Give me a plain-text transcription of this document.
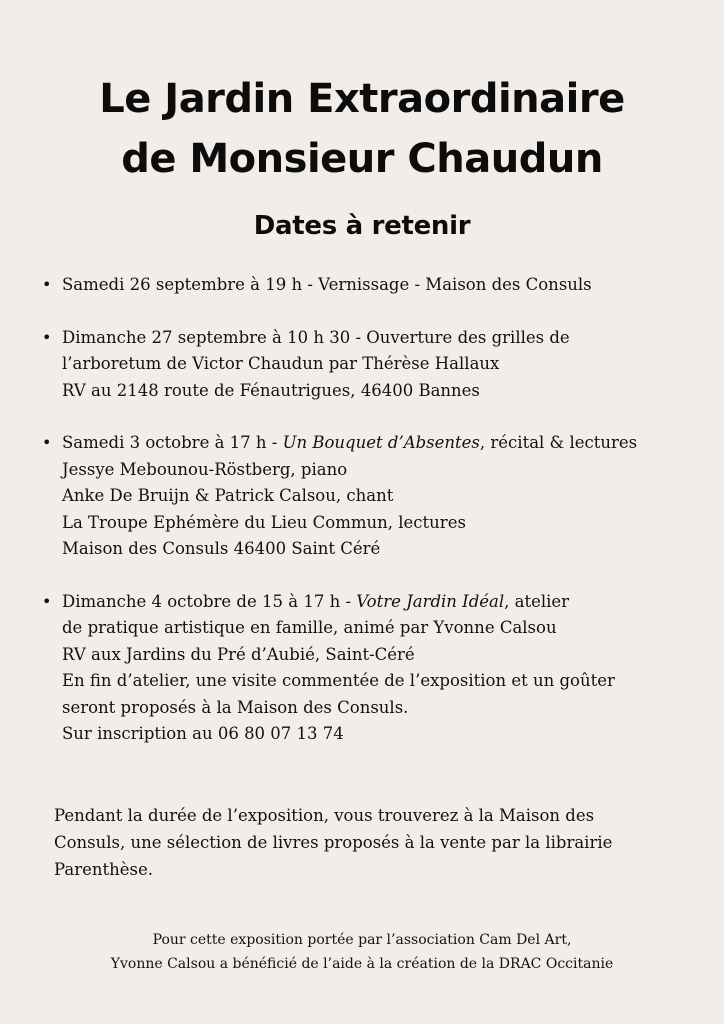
Le Jardin Extraordinaire
de Monsieur Chaudun
Dates à retenir
• Samedi 26 septembre à 19 h - Vernissage - Maison des Consuls
• Dimanche 27 septembre à 10 h 30 - Ouverture des grilles de
l’arboretum de Victor Chaudun par Thérèse Hallaux
RV au 2148 route de Fénautrigues, 46400 Bannes
• Samedi 3 octobre à 17 h - Un Bouquet d’Absentes, récital & lectures
Jessye Mebounou-Röstberg, piano
Anke De Bruijn & Patrick Calsou, chant
La Troupe Ephémère du Lieu Commun, lectures
Maison des Consuls 46400 Saint Céré
• Dimanche 4 octobre de 15 à 17 h - Votre Jardin Idéal, atelier
de pratique artistique en famille, animé par Yvonne Calsou
RV aux Jardins du Pré d’Aubié, Saint-Céré
En fin d’atelier, une visite commentée de l’exposition et un goûter
seront proposés à la Maison des Consuls.
Sur inscription au 06 80 07 13 74
Pendant la durée de l’exposition, vous trouverez à la Maison des
Consuls, une sélection de livres proposés à la vente par la librairie
Parenthèse.
Pour cette exposition portée par l’association Cam Del Art,
Yvonne Calsou a bénéficié de l’aide à la création de la DRAC Occitanie
